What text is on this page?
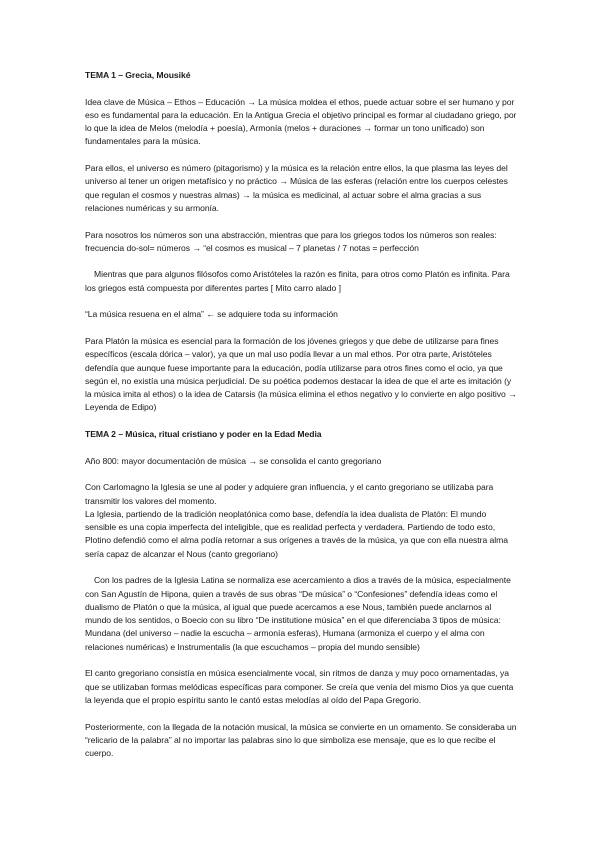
TEMA 1 – Grecia, Mousiké

Idea clave de Música – Ethos – Educación → La música moldea el ethos, puede actuar sobre el ser humano y por eso es fundamental para la educación. En la Antigua Grecia el objetivo principal es formar al ciudadano griego, por lo que la idea de Melos (melodía + poesía), Armonía (melos + duraciones → formar un tono unificado) son fundamentales para la música.

Para ellos, el universo es número (pitagorismo) y la música es la relación entre ellos, la que plasma las leyes del universo al tener un origen metafísico y no práctico → Música de las esferas (relación entre los cuerpos celestes que regulan el cosmos y nuestras almas) → la música es medicinal, al actuar sobre el alma gracias a sus relaciones numéricas y su armonía.

Para nosotros los números son una abstracción, mientras que para los griegos todos los números son reales: frecuencia do-sol= números → “el cosmos es musical – 7 planetas / 7 notas = perfección

Mientras que para algunos filósofos como Aristóteles la razón es finita, para otros como Platón es infinita. Para los griegos está compuesta por diferentes partes [ Mito carro alado ]

“La música resuena en el alma” ← se adquiere toda su información

Para Platón la música es esencial para la formación de los jóvenes griegos y que debe de utilizarse para fines específicos (escala dórica – valor), ya que un mal uso podía llevar a un mal ethos. Por otra parte, Aristóteles defendía que aunque fuese importante para la educación, podía utilizarse para otros fines como el ocio, ya que según el, no existía una música perjudicial. De su poética podemos destacar la idea de que el arte es imitación (y la música imita al ethos) o la idea de Catarsis (la música elimina el ethos negativo y lo convierte en algo positivo → Leyenda de Edipo)

TEMA 2 – Música, ritual cristiano y poder en la Edad Media

Año 800: mayor documentación de música → se consolida el canto gregoriano

Con Carlomagno la Iglesia se une al poder y adquiere gran influencia, y el canto gregoriano se utilizaba para transmitir los valores del momento.

La Iglesia, partiendo de la tradición neoplatónica como base, defendía la idea dualista de Platón: El mundo sensible es una copia imperfecta del inteligible, que es realidad perfecta y verdadera. Partiendo de todo esto, Plotino defendió como el alma podía retornar a sus orígenes a través de la música, ya que con ella nuestra alma sería capaz de alcanzar el Nous (canto gregoriano)

Con los padres de la Iglesia Latina se normaliza ese acercamiento a dios a través de la música, especialmente con San Agustín de Hipona, quien a través de sus obras “De música” o “Confesiones” defendía ideas como el dualismo de Platón o que la música, al igual que puede acercamos a ese Nous, también puede anclarnos al mundo de los sentidos, o Boecio con su libro “De institutione música” en el que diferenciaba 3 tipos de música: Mundana (del universo – nadie la escucha – armonía esferas), Humana (armoniza el cuerpo y el alma con relaciones numéricas) e Instrumentalis (la que escuchamos – propia del mundo sensible)

El canto gregoriano consistía en música esencialmente vocal, sin ritmos de danza y muy poco ornamentadas, ya que se utilizaban formas melódicas específicas para componer. Se creía que venía del mismo Dios ya que cuenta la leyenda que el propio espíritu santo le cantó estas melodías al oído del Papa Gregorio.

Posteriormente, con la llegada de la notación musical, la música se convierte en un ornamento. Se consideraba un “relicario de la palabra” al no importar las palabras sino lo que simboliza ese mensaje, que es lo que recibe el cuerpo.
